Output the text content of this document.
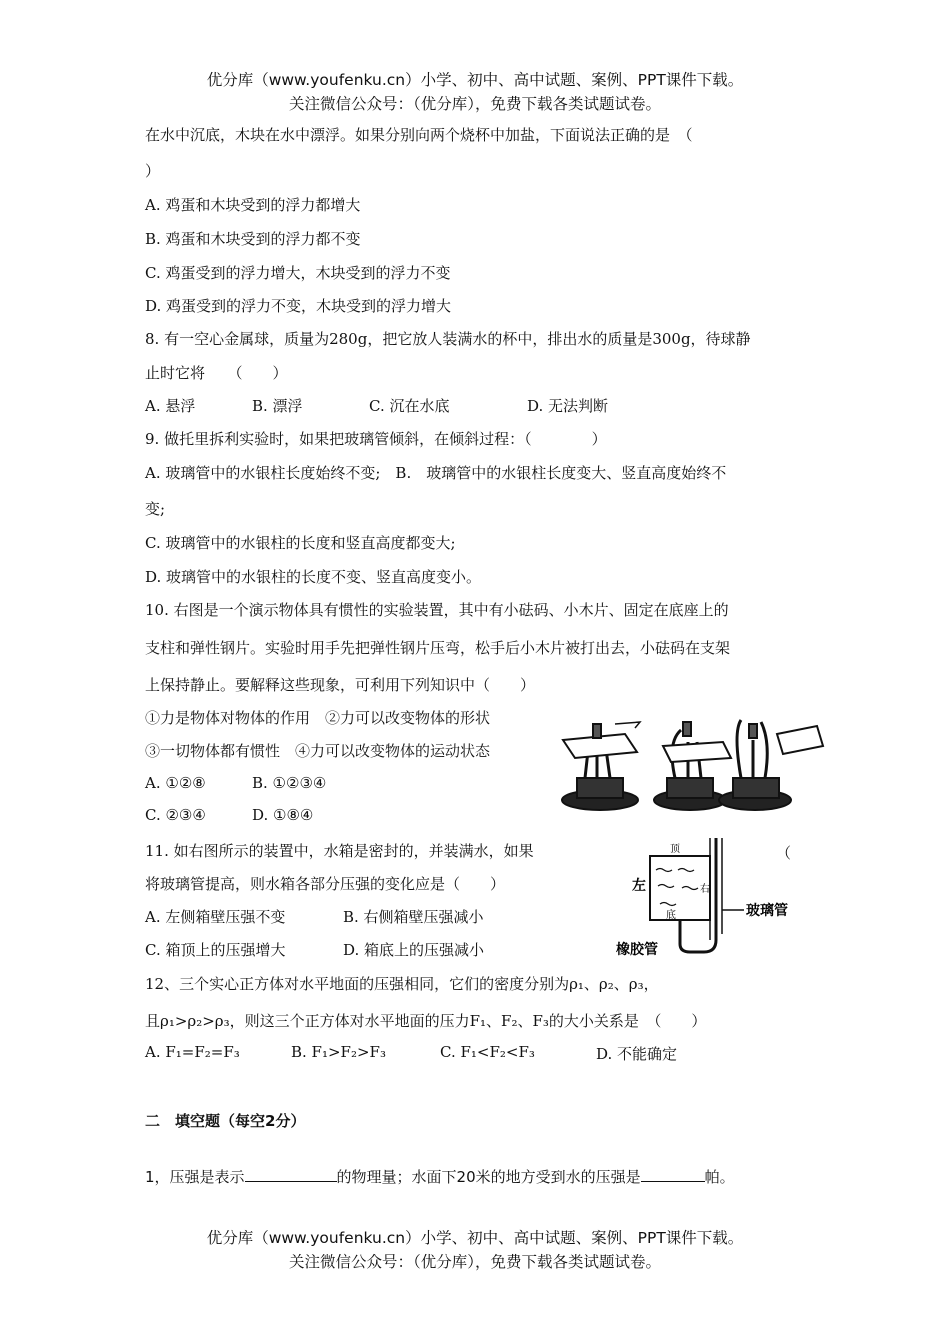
优分库（www.youfenku.cn）小学、初中、高中试题、案例、PPT课件下载。
关注微信公众号：（优分库），免费下载各类试题试卷。
在水中沉底，木块在水中漂浮。如果分别向两个烧杯中加盐，下面说法正确的是　（
）
A. 鸡蛋和木块受到的浮力都增大
B. 鸡蛋和木块受到的浮力都不变
C. 鸡蛋受到的浮力增大，木块受到的浮力不变
D. 鸡蛋受到的浮力不变，木块受到的浮力增大
8. 有一空心金属球，质量为280g，把它放人装满水的杯中，排出水的质量是300g，待球静
止时它将　　（　　）
A. 悬浮	B. 漂浮	C. 沉在水底	D. 无法判断
9. 做托里拆利实验时，如果把玻璃管倾斜，在倾斜过程：（　　　　）
A. 玻璃管中的水银柱长度始终不变;　B.　玻璃管中的水银柱长度变大、竖直高度始终不
变;
C. 玻璃管中的水银柱的长度和竖直高度都变大;
D. 玻璃管中的水银柱的长度不变、竖直高度变小。
10. 右图是一个演示物体具有惯性的实验装置，其中有小砝码、小木片、固定在底座上的
支柱和弹性钢片。实验时用手先把弹性钢片压弯，松手后小木片被打出去，小砝码在支架
上保持静止。要解释这些现象，可利用下列知识中（　　）
①力是物体对物体的作用　②力可以改变物体的形状
③一切物体都有惯性　④力可以改变物体的运动状态
A. ①②⑧	B. ①②③④
C. ②③④	D. ①⑧④
11. 如右图所示的装置中，水箱是密封的，并装满水，如果	（
将玻璃管提高，则水箱各部分压强的变化应是（　　）
A. 左侧箱壁压强不变	B. 右侧箱壁压强减小
C. 箱顶上的压强增大	D. 箱底上的压强减小
顶
左	右
底	玻璃管
橡胶管
12、三个实心正方体对水平地面的压强相同，它们的密度分别为ρ₁、ρ₂、ρ₃，
且ρ₁>ρ₂>ρ₃，则这三个正方体对水平地面的压力F₁、F₂、F₃的大小关系是　（　　）
A. F₁=F₂=F₃	B. F₁>F₂>F₃	C. F₁<F₂<F₃	D. 不能确定
二　填空题（每空2分）
1，压强是表示	的物理量；水面下20米的地方受到水的压强是	帕。
优分库（www.youfenku.cn）小学、初中、高中试题、案例、PPT课件下载。
关注微信公众号：（优分库），免费下载各类试题试卷。
